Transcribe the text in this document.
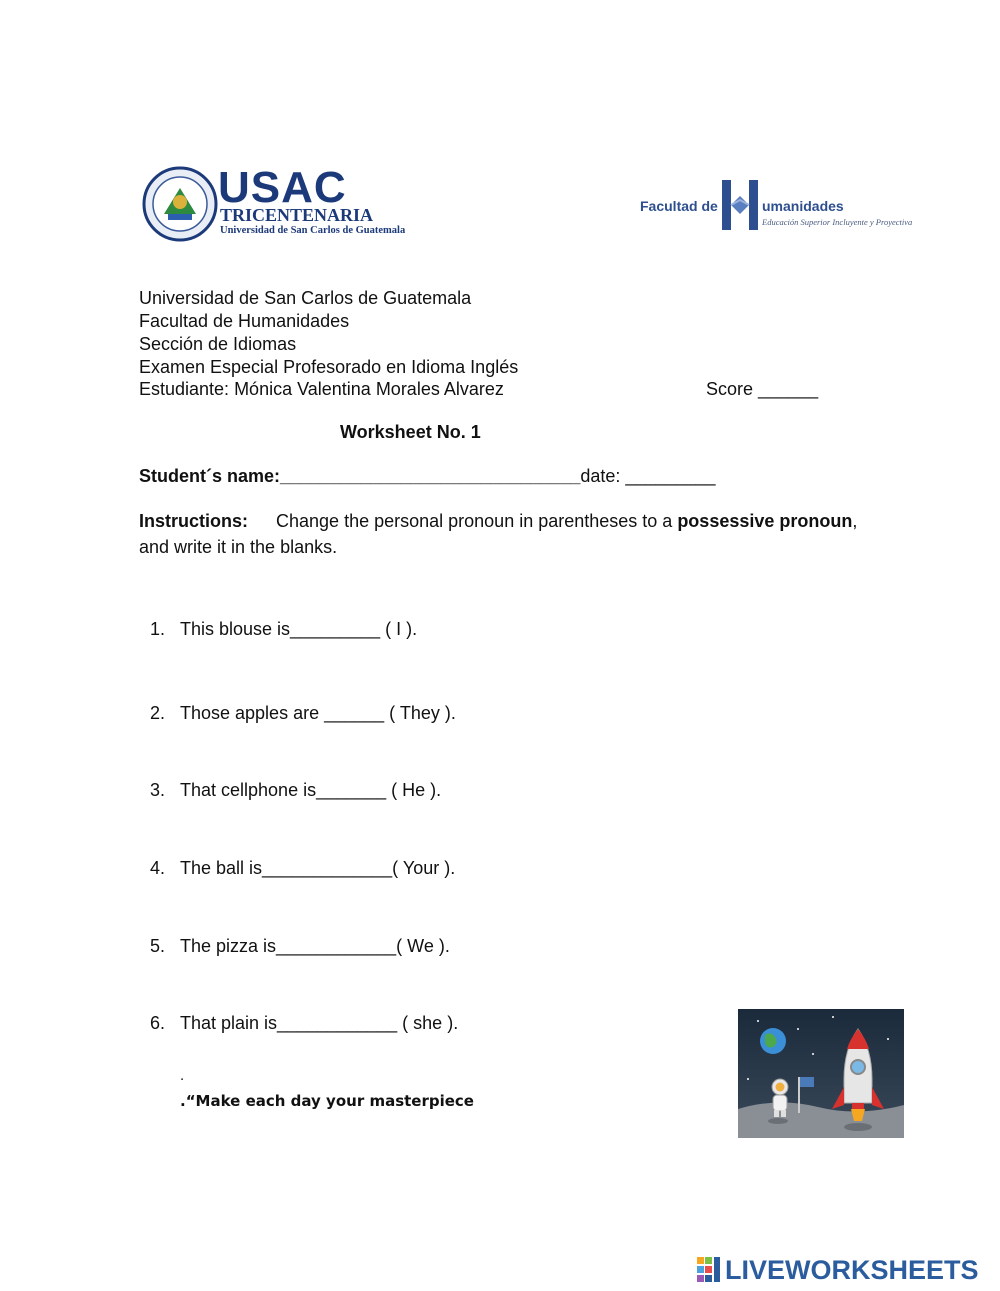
USAC
TRICENTENARIA
Universidad de San Carlos de Guatemala
Facultad de	umanidades
Educación Superior Incluyente y Proyectiva
Universidad de San Carlos de Guatemala
Facultad de Humanidades
Sección de Idiomas
Examen Especial Profesorado en Idioma Inglés
Estudiante: Mónica Valentina Morales Alvarez	Score ______
Worksheet No. 1
Student´s name:______________________________date: _________
Instructions: Change the personal pronoun in parentheses to a possessive pronoun, and write it in the blanks.
1. This blouse is_________ ( I ).
2. Those apples are ______ ( They ).
3. That cellphone is_______ ( He ).
4. The ball is_____________( Your ).
5. The pizza is____________( We ).
6. That plain is____________ ( she ).
.
.“Make each day your masterpiece
LIVEWORKSHEETS
